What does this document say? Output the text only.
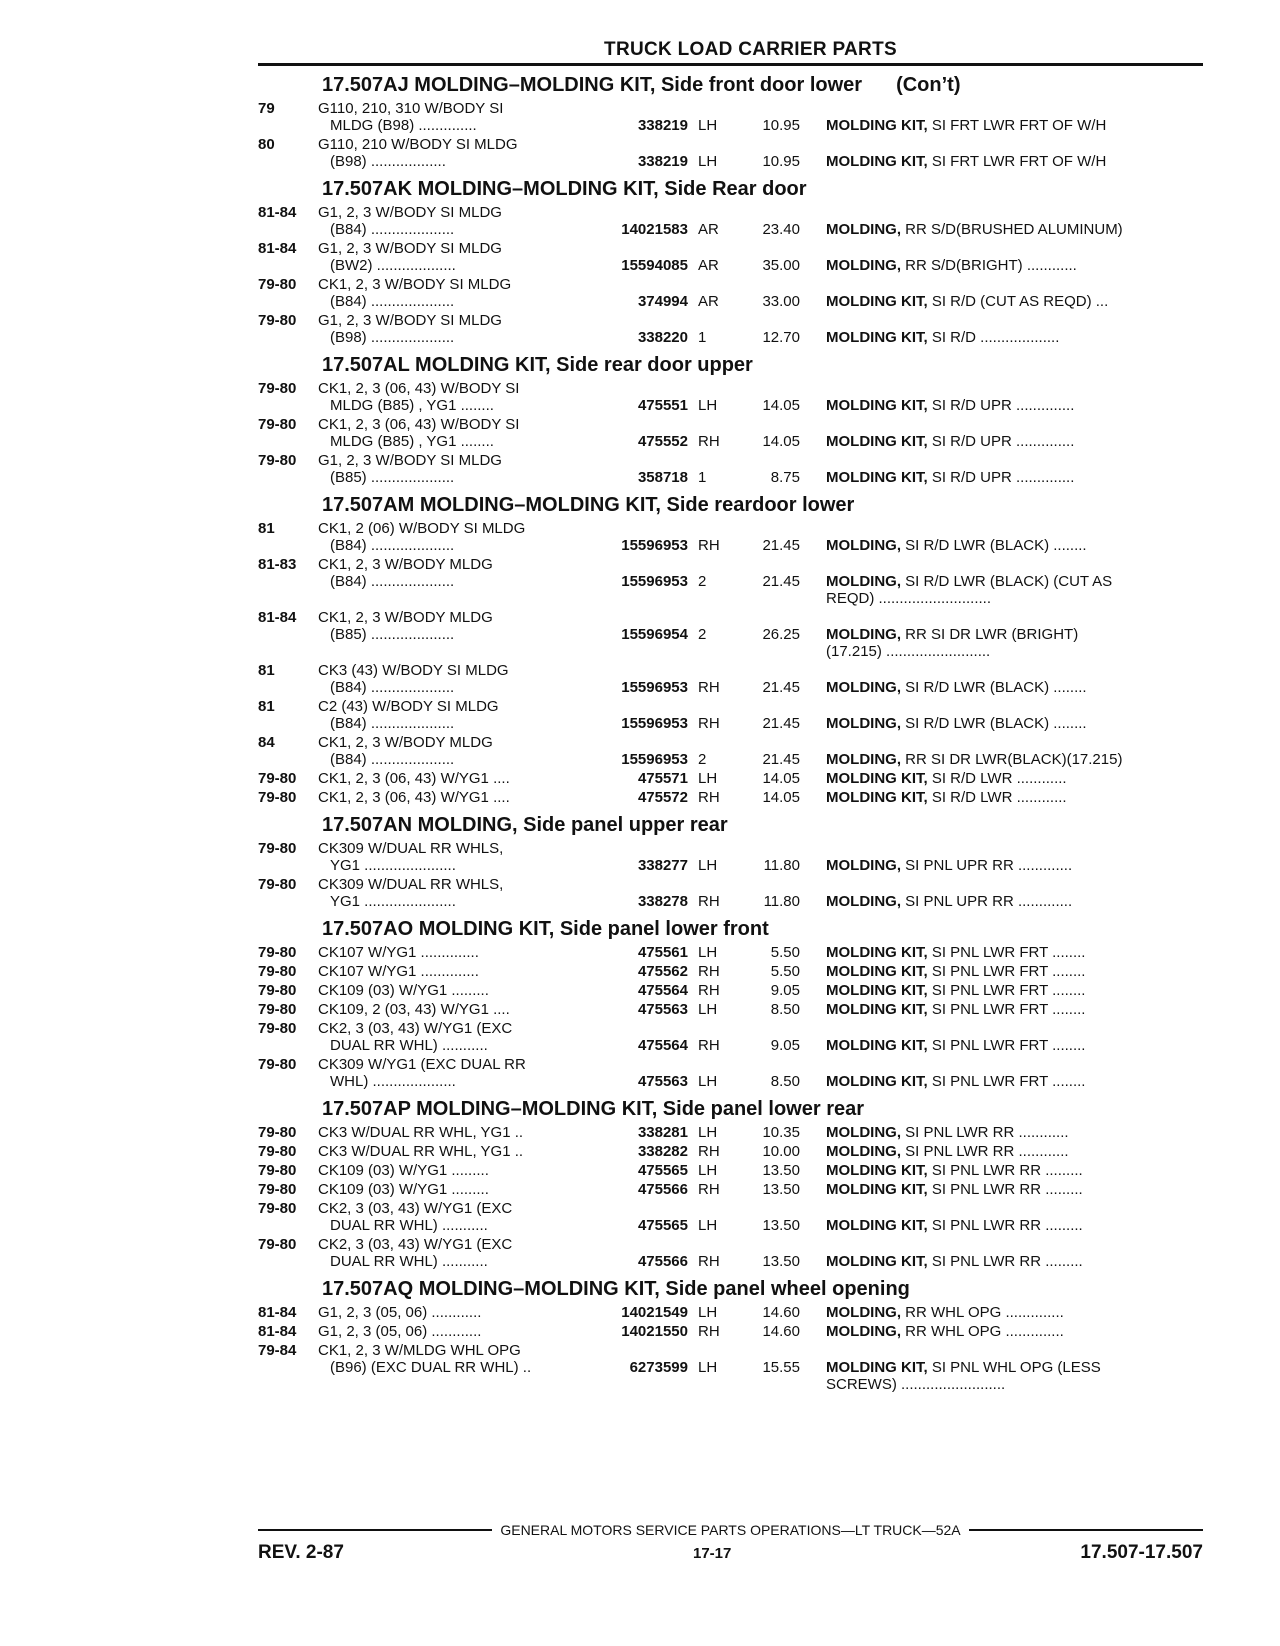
TRUCK LOAD CARRIER PARTS
17.507AJ MOLDING–MOLDING KIT, Side front door lower (Con’t)
79	G110, 210, 310 W/BODY SI
MLDG (B98) ..............	338219 LH	10.95	MOLDING KIT, SI FRT LWR FRT OF W/H
80	G110, 210 W/BODY SI MLDG
(B98) ..................	338219 LH	10.95	MOLDING KIT, SI FRT LWR FRT OF W/H
17.507AK MOLDING–MOLDING KIT, Side Rear door
81-84	G1, 2, 3 W/BODY SI MLDG
(B84) ....................	14021583 AR	23.40	MOLDING, RR S/D(BRUSHED ALUMINUM)
81-84	G1, 2, 3 W/BODY SI MLDG
(BW2) ...................	15594085 AR	35.00	MOLDING, RR S/D(BRIGHT) ............
79-80	CK1, 2, 3 W/BODY SI MLDG
(B84) ....................	374994 AR	33.00	MOLDING KIT, SI R/D (CUT AS REQD) ...
79-80	G1, 2, 3 W/BODY SI MLDG
(B98) ....................	338220 1	12.70	MOLDING KIT, SI R/D ...................
17.507AL MOLDING KIT, Side rear door upper
79-80	CK1, 2, 3 (06, 43) W/BODY SI
MLDG (B85) , YG1 ........	475551 LH	14.05	MOLDING KIT, SI R/D UPR ..............
79-80	CK1, 2, 3 (06, 43) W/BODY SI
MLDG (B85) , YG1 ........	475552 RH	14.05	MOLDING KIT, SI R/D UPR ..............
79-80	G1, 2, 3 W/BODY SI MLDG
(B85) ....................	358718 1	8.75	MOLDING KIT, SI R/D UPR ..............
17.507AM MOLDING–MOLDING KIT, Side reardoor lower
81	CK1, 2 (06) W/BODY SI MLDG
(B84) ....................	15596953 RH	21.45	MOLDING, SI R/D LWR (BLACK) ........
81-83	CK1, 2, 3 W/BODY MLDG
(B84) ....................	15596953 2	21.45	MOLDING, SI R/D LWR (BLACK) (CUT AS
REQD) ...........................
81-84	CK1, 2, 3 W/BODY MLDG
(B85) ....................	15596954 2	26.25	MOLDING, RR SI DR LWR (BRIGHT)
(17.215) .........................
81	CK3 (43) W/BODY SI MLDG
(B84) ....................	15596953 RH	21.45	MOLDING, SI R/D LWR (BLACK) ........
81	C2 (43) W/BODY SI MLDG
(B84) ....................	15596953 RH	21.45	MOLDING, SI R/D LWR (BLACK) ........
84	CK1, 2, 3 W/BODY MLDG
(B84) ....................	15596953 2	21.45	MOLDING, RR SI DR LWR(BLACK)(17.215)
79-80	CK1, 2, 3 (06, 43) W/YG1 ....	475571 LH	14.05	MOLDING KIT, SI R/D LWR ............
79-80	CK1, 2, 3 (06, 43) W/YG1 ....	475572 RH	14.05	MOLDING KIT, SI R/D LWR ............
17.507AN MOLDING, Side panel upper rear
79-80	CK309 W/DUAL RR WHLS,
YG1 ......................	338277 LH	11.80	MOLDING, SI PNL UPR RR .............
79-80	CK309 W/DUAL RR WHLS,
YG1 ......................	338278 RH	11.80	MOLDING, SI PNL UPR RR .............
17.507AO MOLDING KIT, Side panel lower front
79-80	CK107 W/YG1 ..............	475561 LH	5.50	MOLDING KIT, SI PNL LWR FRT ........
79-80	CK107 W/YG1 ..............	475562 RH	5.50	MOLDING KIT, SI PNL LWR FRT ........
79-80	CK109 (03) W/YG1 .........	475564 RH	9.05	MOLDING KIT, SI PNL LWR FRT ........
79-80	CK109, 2 (03, 43) W/YG1 ....	475563 LH	8.50	MOLDING KIT, SI PNL LWR FRT ........
79-80	CK2, 3 (03, 43) W/YG1 (EXC
DUAL RR WHL) ...........	475564 RH	9.05	MOLDING KIT, SI PNL LWR FRT ........
79-80	CK309 W/YG1 (EXC DUAL RR
WHL) ....................	475563 LH	8.50	MOLDING KIT, SI PNL LWR FRT ........
17.507AP MOLDING–MOLDING KIT, Side panel lower rear
79-80	CK3 W/DUAL RR WHL, YG1 ..	338281 LH	10.35	MOLDING, SI PNL LWR RR ............
79-80	CK3 W/DUAL RR WHL, YG1 ..	338282 RH	10.00	MOLDING, SI PNL LWR RR ............
79-80	CK109 (03) W/YG1 .........	475565 LH	13.50	MOLDING KIT, SI PNL LWR RR .........
79-80	CK109 (03) W/YG1 .........	475566 RH	13.50	MOLDING KIT, SI PNL LWR RR .........
79-80	CK2, 3 (03, 43) W/YG1 (EXC
DUAL RR WHL) ...........	475565 LH	13.50	MOLDING KIT, SI PNL LWR RR .........
79-80	CK2, 3 (03, 43) W/YG1 (EXC
DUAL RR WHL) ...........	475566 RH	13.50	MOLDING KIT, SI PNL LWR RR .........
17.507AQ MOLDING–MOLDING KIT, Side panel wheel opening
81-84	G1, 2, 3 (05, 06) ............	14021549 LH	14.60	MOLDING, RR WHL OPG ..............
81-84	G1, 2, 3 (05, 06) ............	14021550 RH	14.60	MOLDING, RR WHL OPG ..............
79-84	CK1, 2, 3 W/MLDG WHL OPG
(B96) (EXC DUAL RR WHL) ..	6273599 LH	15.55	MOLDING KIT, SI PNL WHL OPG (LESS
SCREWS) .........................
GENERAL MOTORS SERVICE PARTS OPERATIONS—LT TRUCK—52A
REV. 2-87	17-17	17.507-17.507
